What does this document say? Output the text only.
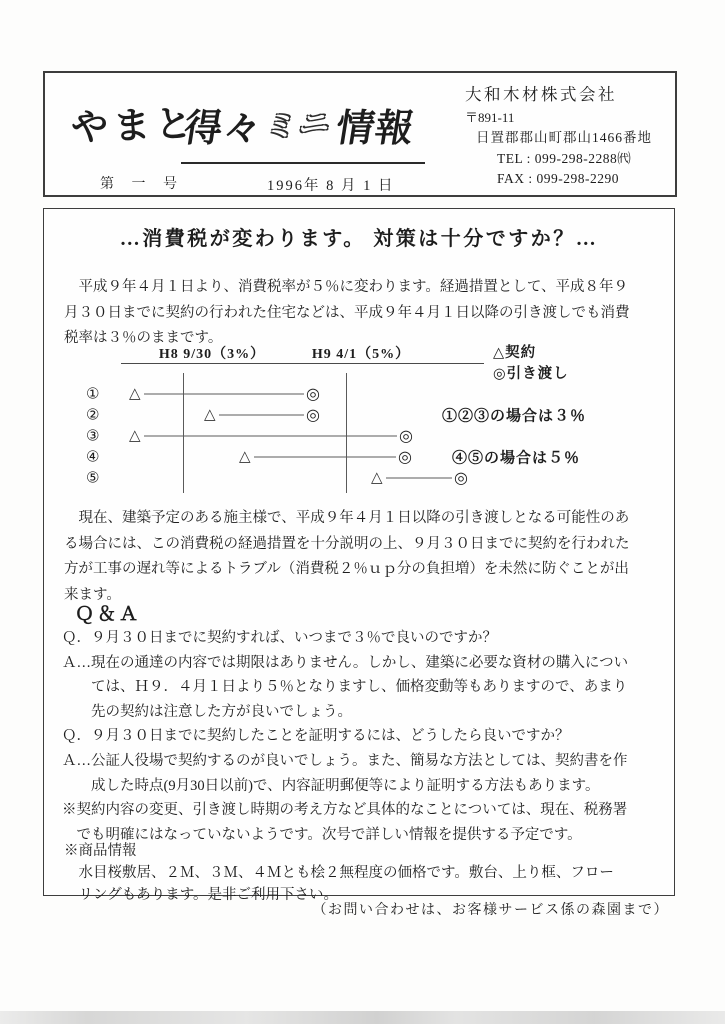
やまと
得々ミニ情報
第 一 号	1996年 8 月 1 日
大和木材株式会社
〒891-11
日置郡郡山町郡山1466番地
TEL : 099-298-2288㈹
FAX : 099-298-2290
…消費税が変わります。 対策は十分ですか？…
　平成９年４月１日より、消費税率が５％に変わります。経過措置として、平成８年９
月３０日までに契約の行われた住宅などは、平成９年４月１日以降の引き渡しでも消費
税率は３％のままです。
H8 9/30（3%）	H9 4/1（5%）	△契約
◎引き渡し
① △	◎
②	△	◎
③ △	◎
④	△	◎
⑤	△	◎
①②③の場合は３％
④⑤の場合は５％
　現在、建築予定のある施主様で、平成９年４月１日以降の引き渡しとなる可能性のあ
る場合には、この消費税の経過措置を十分説明の上、９月３０日までに契約を行われた
方が工事の遅れ等によるトラブル（消費税２％ｕｐ分の負担増）を未然に防ぐことが出
来ます。
Ｑ＆Ａ
Ｑ．９月３０日までに契約すれば、いつまで３％で良いのですか？
Ａ…現在の通達の内容では期限はありません。しかし、建築に必要な資材の購入につい
　　ては、Ｈ９．４月１日より５％となりますし、価格変動等もありますので、あまり
　　先の契約は注意した方が良いでしょう。
Ｑ．９月３０日までに契約したことを証明するには、どうしたら良いですか？
Ａ…公証人役場で契約するのが良いでしょう。また、簡易な方法としては、契約書を作
　　成した時点(9月30日以前)で、内容証明郵便等により証明する方法もあります。
※契約内容の変更、引き渡し時期の考え方など具体的なことについては、現在、税務署
　でも明確にはなっていないようです。次号で詳しい情報を提供する予定です。
※商品情報
　水目桜敷居、２Ｍ、３Ｍ、４Ｍとも桧２無程度の価格です。敷台、上り框、フロー
　リングもあります。是非ご利用下さい。
（お問い合わせは、お客様サービス係の森園まで）
